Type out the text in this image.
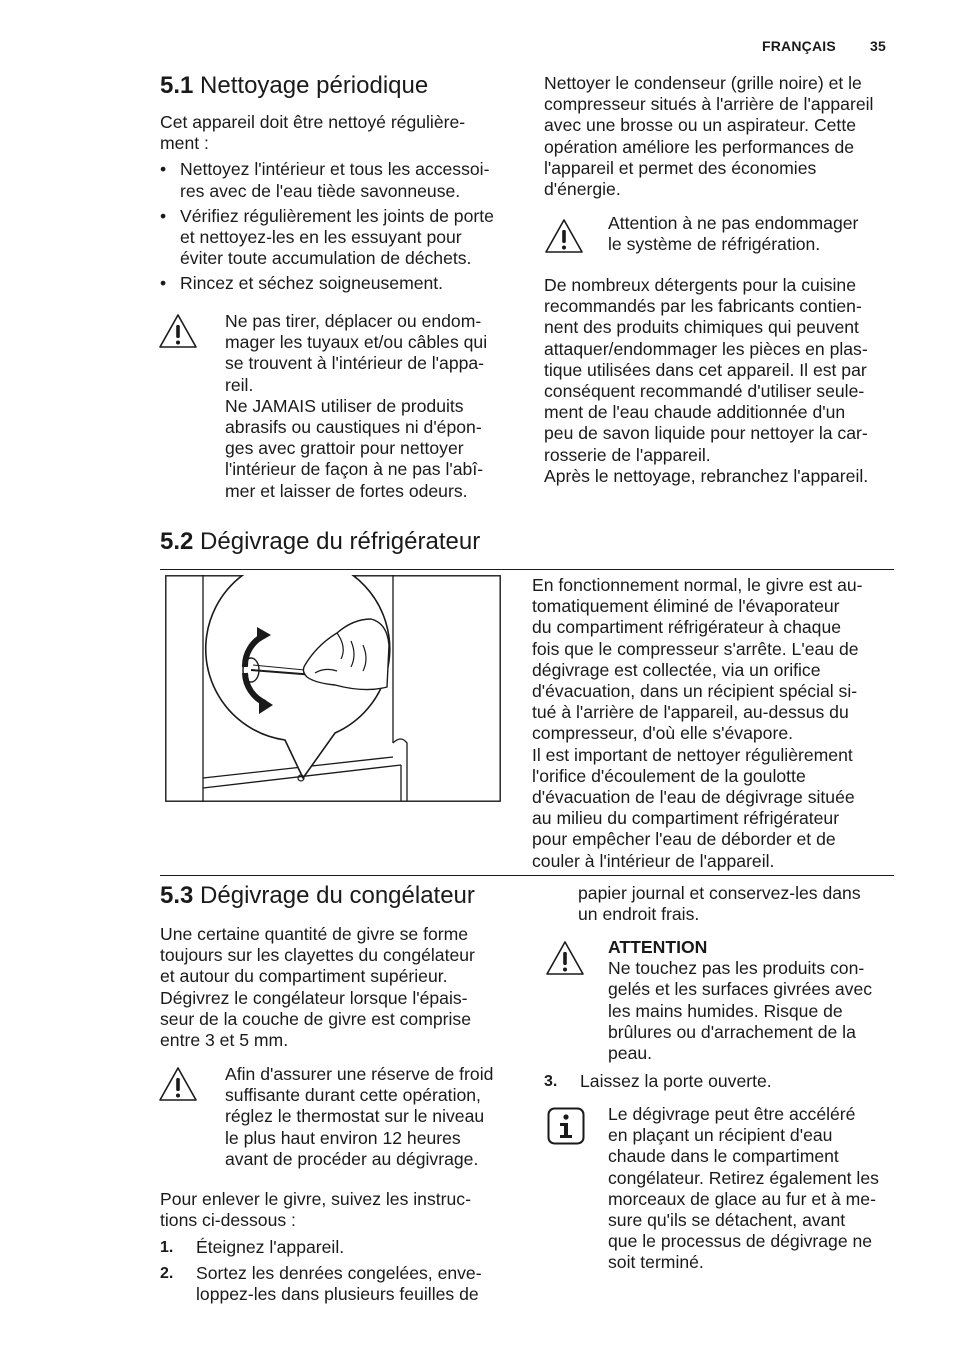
FRANÇAIS 35
5.1 Nettoyage périodique

Cet appareil doit être nettoyé régulière-
ment :

• Nettoyez l'intérieur et tous les accessoi-
res avec de l'eau tiède savonneuse.
• Vérifiez régulièrement les joints de porte
et nettoyez-les en les essuyant pour
éviter toute accumulation de déchets.
• Rincez et séchez soigneusement.
Ne pas tirer, déplacer ou endom-
mager les tuyaux et/ou câbles qui
se trouvent à l'intérieur de l'appa-
reil.
Ne JAMAIS utiliser de produits
abrasifs ou caustiques ni d'épon-
ges avec grattoir pour nettoyer
l'intérieur de façon à ne pas l'abî-
mer et laisser de fortes odeurs.
Nettoyer le condenseur (grille noire) et le
compresseur situés à l'arrière de l'appareil
avec une brosse ou un aspirateur. Cette
opération améliore les performances de
l'appareil et permet des économies
d'énergie.
Attention à ne pas endommager
le système de réfrigération.
De nombreux détergents pour la cuisine
recommandés par les fabricants contien-
nent des produits chimiques qui peuvent
attaquer/endommager les pièces en plas-
tique utilisées dans cet appareil. Il est par
conséquent recommandé d'utiliser seule-
ment de l'eau chaude additionnée d'un
peu de savon liquide pour nettoyer la car-
rosserie de l'appareil.
Après le nettoyage, rebranchez l'appareil.
5.2 Dégivrage du réfrigérateur
En fonctionnement normal, le givre est au-
tomatiquement éliminé de l'évaporateur
du compartiment réfrigérateur à chaque
fois que le compresseur s'arrête. L'eau de
dégivrage est collectée, via un orifice
d'évacuation, dans un récipient spécial si-
tué à l'arrière de l'appareil, au-dessus du
compresseur, d'où elle s'évapore.
Il est important de nettoyer régulièrement
l'orifice d'écoulement de la goulotte
d'évacuation de l'eau de dégivrage située
au milieu du compartiment réfrigérateur
pour empêcher l'eau de déborder et de
couler à l'intérieur de l'appareil.
5.3 Dégivrage du congélateur
Une certaine quantité de givre se forme
toujours sur les clayettes du congélateur
et autour du compartiment supérieur.
Dégivrez le congélateur lorsque l'épais-
seur de la couche de givre est comprise
entre 3 et 5 mm.
Afin d'assurer une réserve de froid
suffisante durant cette opération,
réglez le thermostat sur le niveau
le plus haut environ 12 heures
avant de procéder au dégivrage.
Pour enlever le givre, suivez les instruc-
tions ci-dessous :
1.	Éteignez l'appareil.
2.	Sortez les denrées congelées, enve-
loppez-les dans plusieurs feuilles de
papier journal et conservez-les dans
un endroit frais.
ATTENTION
Ne touchez pas les produits con-
gelés et les surfaces givrées avec
les mains humides. Risque de
brûlures ou d'arrachement de la
peau.
3.	Laissez la porte ouverte.
Le dégivrage peut être accéléré
en plaçant un récipient d'eau
chaude dans le compartiment
congélateur. Retirez également les
morceaux de glace au fur et à me-
sure qu'ils se détachent, avant
que le processus de dégivrage ne
soit terminé.
